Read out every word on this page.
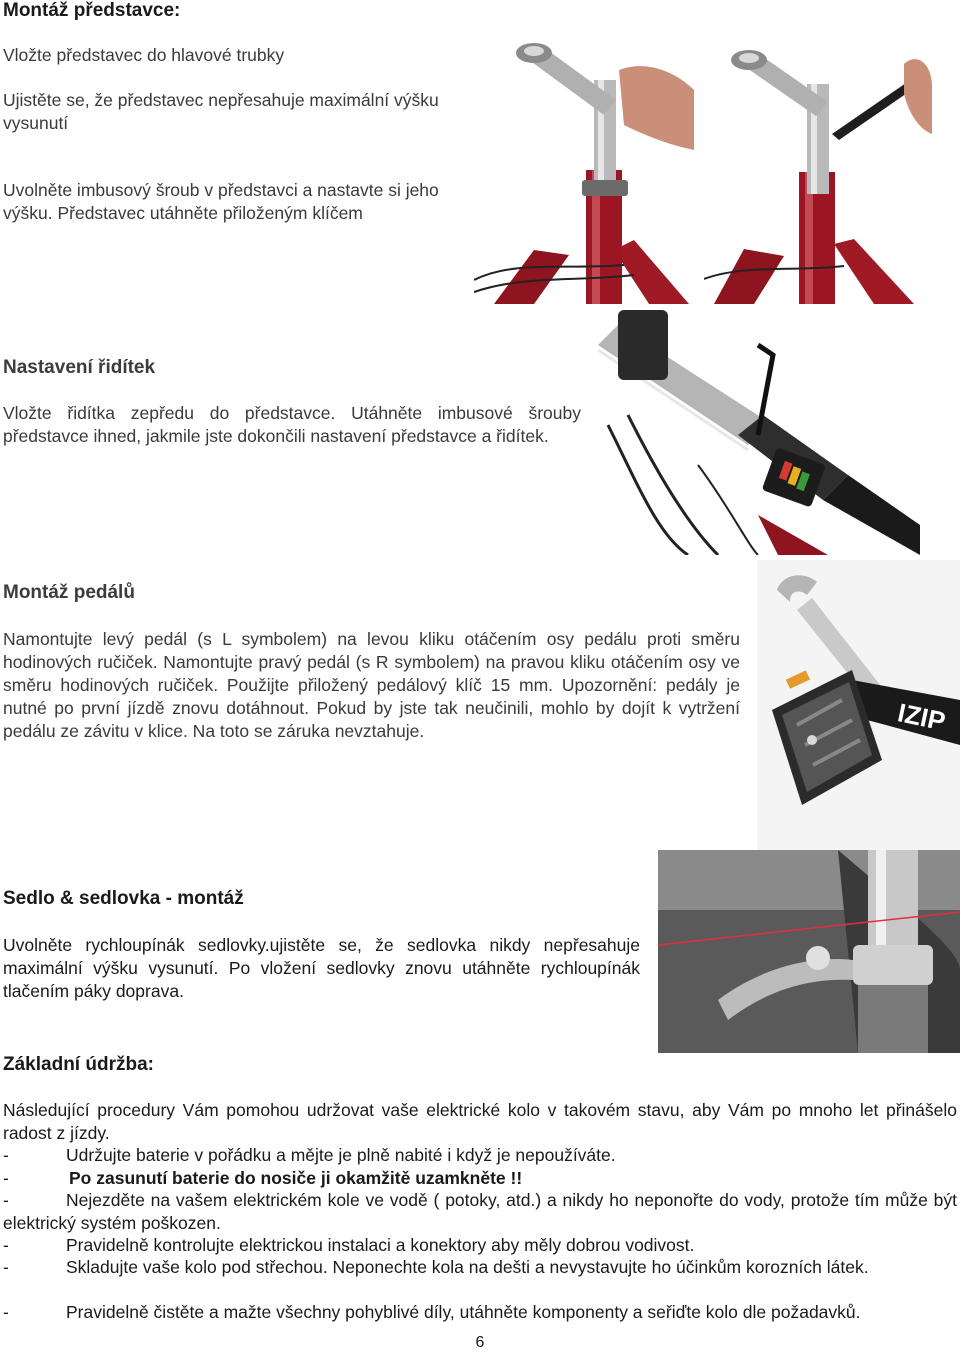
Montáž představce:
Vložte představec do hlavové trubky
Ujistěte se, že představec nepřesahuje maximální výšku vysunutí
Uvolněte imbusový šroub v představci a nastavte si jeho výšku. Představec utáhněte přiloženým klíčem
Nastavení řidítek
Vložte řidítka zepředu do představce. Utáhněte imbusové šrouby představce ihned, jakmile jste dokončili nastavení představce a řidítek.
Montáž pedálů
Namontujte levý pedál (s L symbolem) na levou kliku otáčením osy pedálu proti směru hodinových ručiček. Namontujte pravý pedál (s R symbolem) na pravou kliku otáčením osy ve směru hodinových ručiček. Použijte přiložený pedálový klíč 15 mm. Upozornění: pedály je nutné po první jízdě znovu dotáhnout. Pokud by jste tak neučinili, mohlo by dojít k vytržení pedálu ze závitu v klice. Na toto se záruka nevztahuje.	IZIP
Sedlo & sedlovka - montáž
Uvolněte rychloupínák sedlovky.ujistěte se, že sedlovka nikdy nepřesahuje maximální výšku vysunutí. Po vložení sedlovky znovu utáhněte rychloupínák tlačením páky doprava.
Základní údržba:
Následující procedury Vám pomohou udržovat vaše elektrické kolo v takovém stavu, aby Vám po mnoho let přinášelo radost z jízdy.
-	Udržujte baterie v pořádku a mějte je plně nabité i když je nepoužíváte.
-	Po zasunutí baterie do nosiče ji okamžitě uzamkněte !!
-	Nejezděte na vašem elektrickém kole ve vodě ( potoky, atd.) a nikdy ho neponořte do vody, protože tím může být elektrický systém poškozen.
-	Pravidelně kontrolujte elektrickou instalaci a konektory aby měly dobrou vodivost.
-	Skladujte vaše kolo pod střechou. Neponechte kola na dešti a nevystavujte ho účinkům korozních látek.
-	Pravidelně čistěte a mažte všechny pohyblivé díly, utáhněte komponenty a seřiďte kolo dle požadavků.
6
